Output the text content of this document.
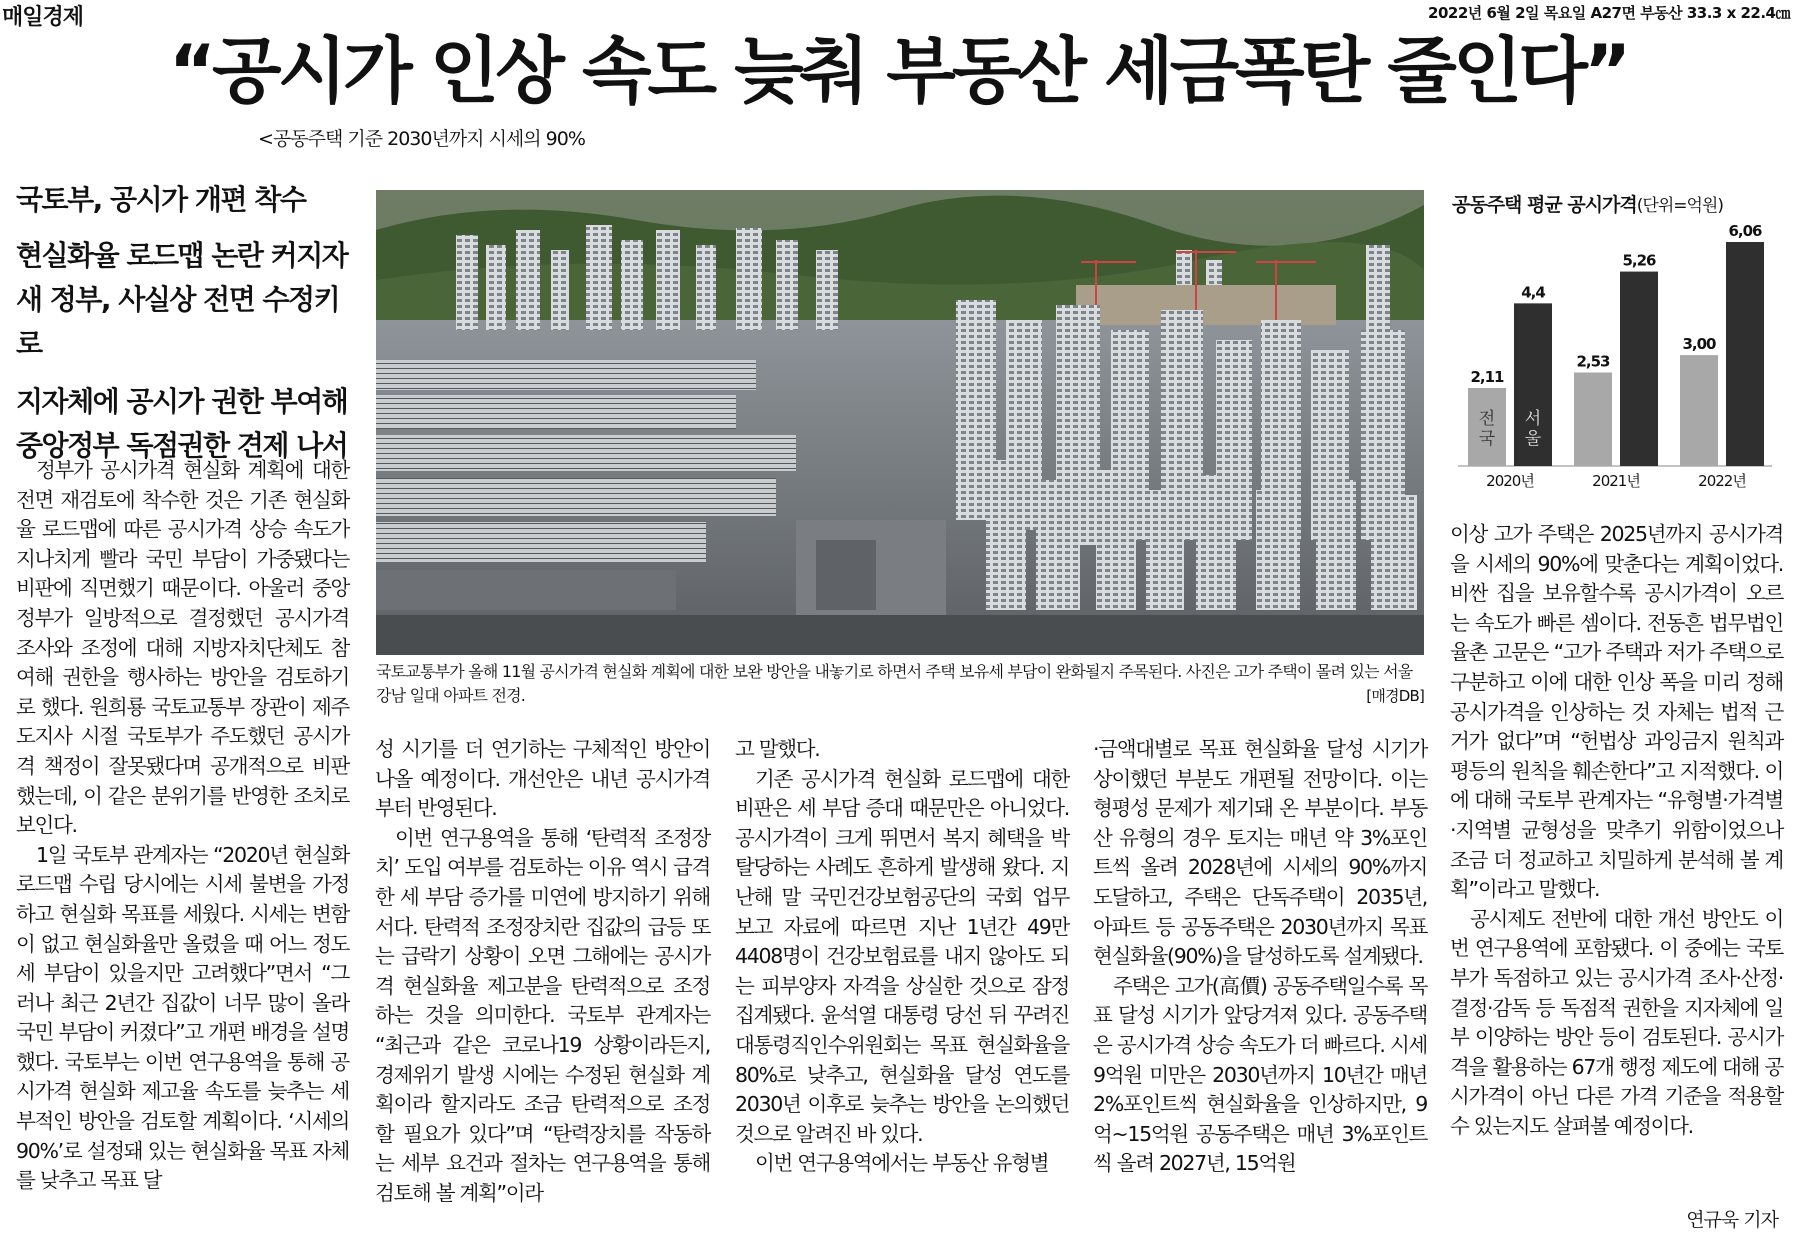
매일경제	2022년 6월 2일 목요일 A27면 부동산 33.3 x 22.4㎝
“공시가 인상 속도 늦춰 부동산 세금폭탄 줄인다”
<공동주택 기준 2030년까지 시세의 90%
국토부, 공시가 개편 착수
현실화율 로드맵 논란 커지자
새 정부, 사실상 전면 수정키로
지자체에 공시가 권한 부여해
중앙정부 독점권한 견제 나서
국토교통부가 올해 11월 공시가격 현실화 계획에 대한 보완 방안을 내놓기로 하면서 주택 보유세 부담이 완화될지 주목된다. 사진은 고가 주택이 몰려 있는 서울 강남 일대 아파트 전경.	[매경DB]
공동주택 평균 공시가격(단위=억원)
2,11
전
국
4,4
서
울
2020년
2,53
5,26
2021년
3,00
6,06
2022년

정부가 공시가격 현실화 계획에 대한 전면 재검토에 착수한 것은 기존 현실화율 로드맵에 따른 공시가격 상승 속도가 지나치게 빨라 국민 부담이 가중됐다는 비판에 직면했기 때문이다. 아울러 중앙정부가 일방적으로 결정했던 공시가격 조사와 조정에 대해 지방자치단체도 참여해 권한을 행사하는 방안을 검토하기로 했다. 원희룡 국토교통부 장관이 제주도지사 시절 국토부가 주도했던 공시가격 책정이 잘못됐다며 공개적으로 비판했는데, 이 같은 분위기를 반영한 조치로 보인다.

1일 국토부 관계자는 “2020년 현실화 로드맵 수립 당시에는 시세 불변을 가정하고 현실화 목표를 세웠다. 시세는 변함이 없고 현실화율만 올렸을 때 어느 정도 세 부담이 있을지만 고려했다”면서 “그러나 최근 2년간 집값이 너무 많이 올라 국민 부담이 커졌다”고 개편 배경을 설명했다. 국토부는 이번 연구용역을 통해 공시가격 현실화 제고율 속도를 늦추는 세부적인 방안을 검토할 계획이다. ‘시세의 90%’로 설정돼 있는 현실화율 목표 자체를 낮추고 목표 달

성 시기를 더 연기하는 구체적인 방안이 나올 예정이다. 개선안은 내년 공시가격부터 반영된다.

이번 연구용역을 통해 ‘탄력적 조정장치’ 도입 여부를 검토하는 이유 역시 급격한 세 부담 증가를 미연에 방지하기 위해서다. 탄력적 조정장치란 집값의 급등 또는 급락기 상황이 오면 그해에는 공시가격 현실화율 제고분을 탄력적으로 조정하는 것을 의미한다. 국토부 관계자는 “최근과 같은 코로나19 상황이라든지, 경제위기 발생 시에는 수정된 현실화 계획이라 할지라도 조금 탄력적으로 조정할 필요가 있다”며 “탄력장치를 작동하는 세부 요건과 절차는 연구용역을 통해 검토해 볼 계획”이라

고 말했다.

기존 공시가격 현실화 로드맵에 대한 비판은 세 부담 증대 때문만은 아니었다. 공시가격이 크게 뛰면서 복지 혜택을 박탈당하는 사례도 흔하게 발생해 왔다. 지난해 말 국민건강보험공단의 국회 업무보고 자료에 따르면 지난 1년간 49만4408명이 건강보험료를 내지 않아도 되는 피부양자 자격을 상실한 것으로 잠정 집계됐다. 윤석열 대통령 당선 뒤 꾸려진 대통령직인수위원회는 목표 현실화율을 80%로 낮추고, 현실화율 달성 연도를 2030년 이후로 늦추는 방안을 논의했던 것으로 알려진 바 있다.

이번 연구용역에서는 부동산 유형별

·금액대별로 목표 현실화율 달성 시기가 상이했던 부분도 개편될 전망이다. 이는 형평성 문제가 제기돼 온 부분이다. 부동산 유형의 경우 토지는 매년 약 3%포인트씩 올려 2028년에 시세의 90%까지 도달하고, 주택은 단독주택이 2035년, 아파트 등 공동주택은 2030년까지 목표 현실화율(90%)을 달성하도록 설계됐다.

주택은 고가(高價) 공동주택일수록 목표 달성 시기가 앞당겨져 있다. 공동주택은 공시가격 상승 속도가 더 빠르다. 시세 9억원 미만은 2030년까지 10년간 매년 2%포인트씩 현실화율을 인상하지만, 9억~15억원 공동주택은 매년 3%포인트씩 올려 2027년, 15억원

이상 고가 주택은 2025년까지 공시가격을 시세의 90%에 맞춘다는 계획이었다. 비싼 집을 보유할수록 공시가격이 오르는 속도가 빠른 셈이다. 전동흔 법무법인 율촌 고문은 “고가 주택과 저가 주택으로 구분하고 이에 대한 인상 폭을 미리 정해 공시가격을 인상하는 것 자체는 법적 근거가 없다”며 “헌법상 과잉금지 원칙과 평등의 원칙을 훼손한다”고 지적했다. 이에 대해 국토부 관계자는 “유형별·가격별·지역별 균형성을 맞추기 위함이었으나 조금 더 정교하고 치밀하게 분석해 볼 계획”이라고 말했다.

공시제도 전반에 대한 개선 방안도 이번 연구용역에 포함됐다. 이 중에는 국토부가 독점하고 있는 공시가격 조사·산정·결정·감독 등 독점적 권한을 지자체에 일부 이양하는 방안 등이 검토된다. 공시가격을 활용하는 67개 행정 제도에 대해 공시가격이 아닌 다른 가격 기준을 적용할 수 있는지도 살펴볼 예정이다.

연규욱 기자
